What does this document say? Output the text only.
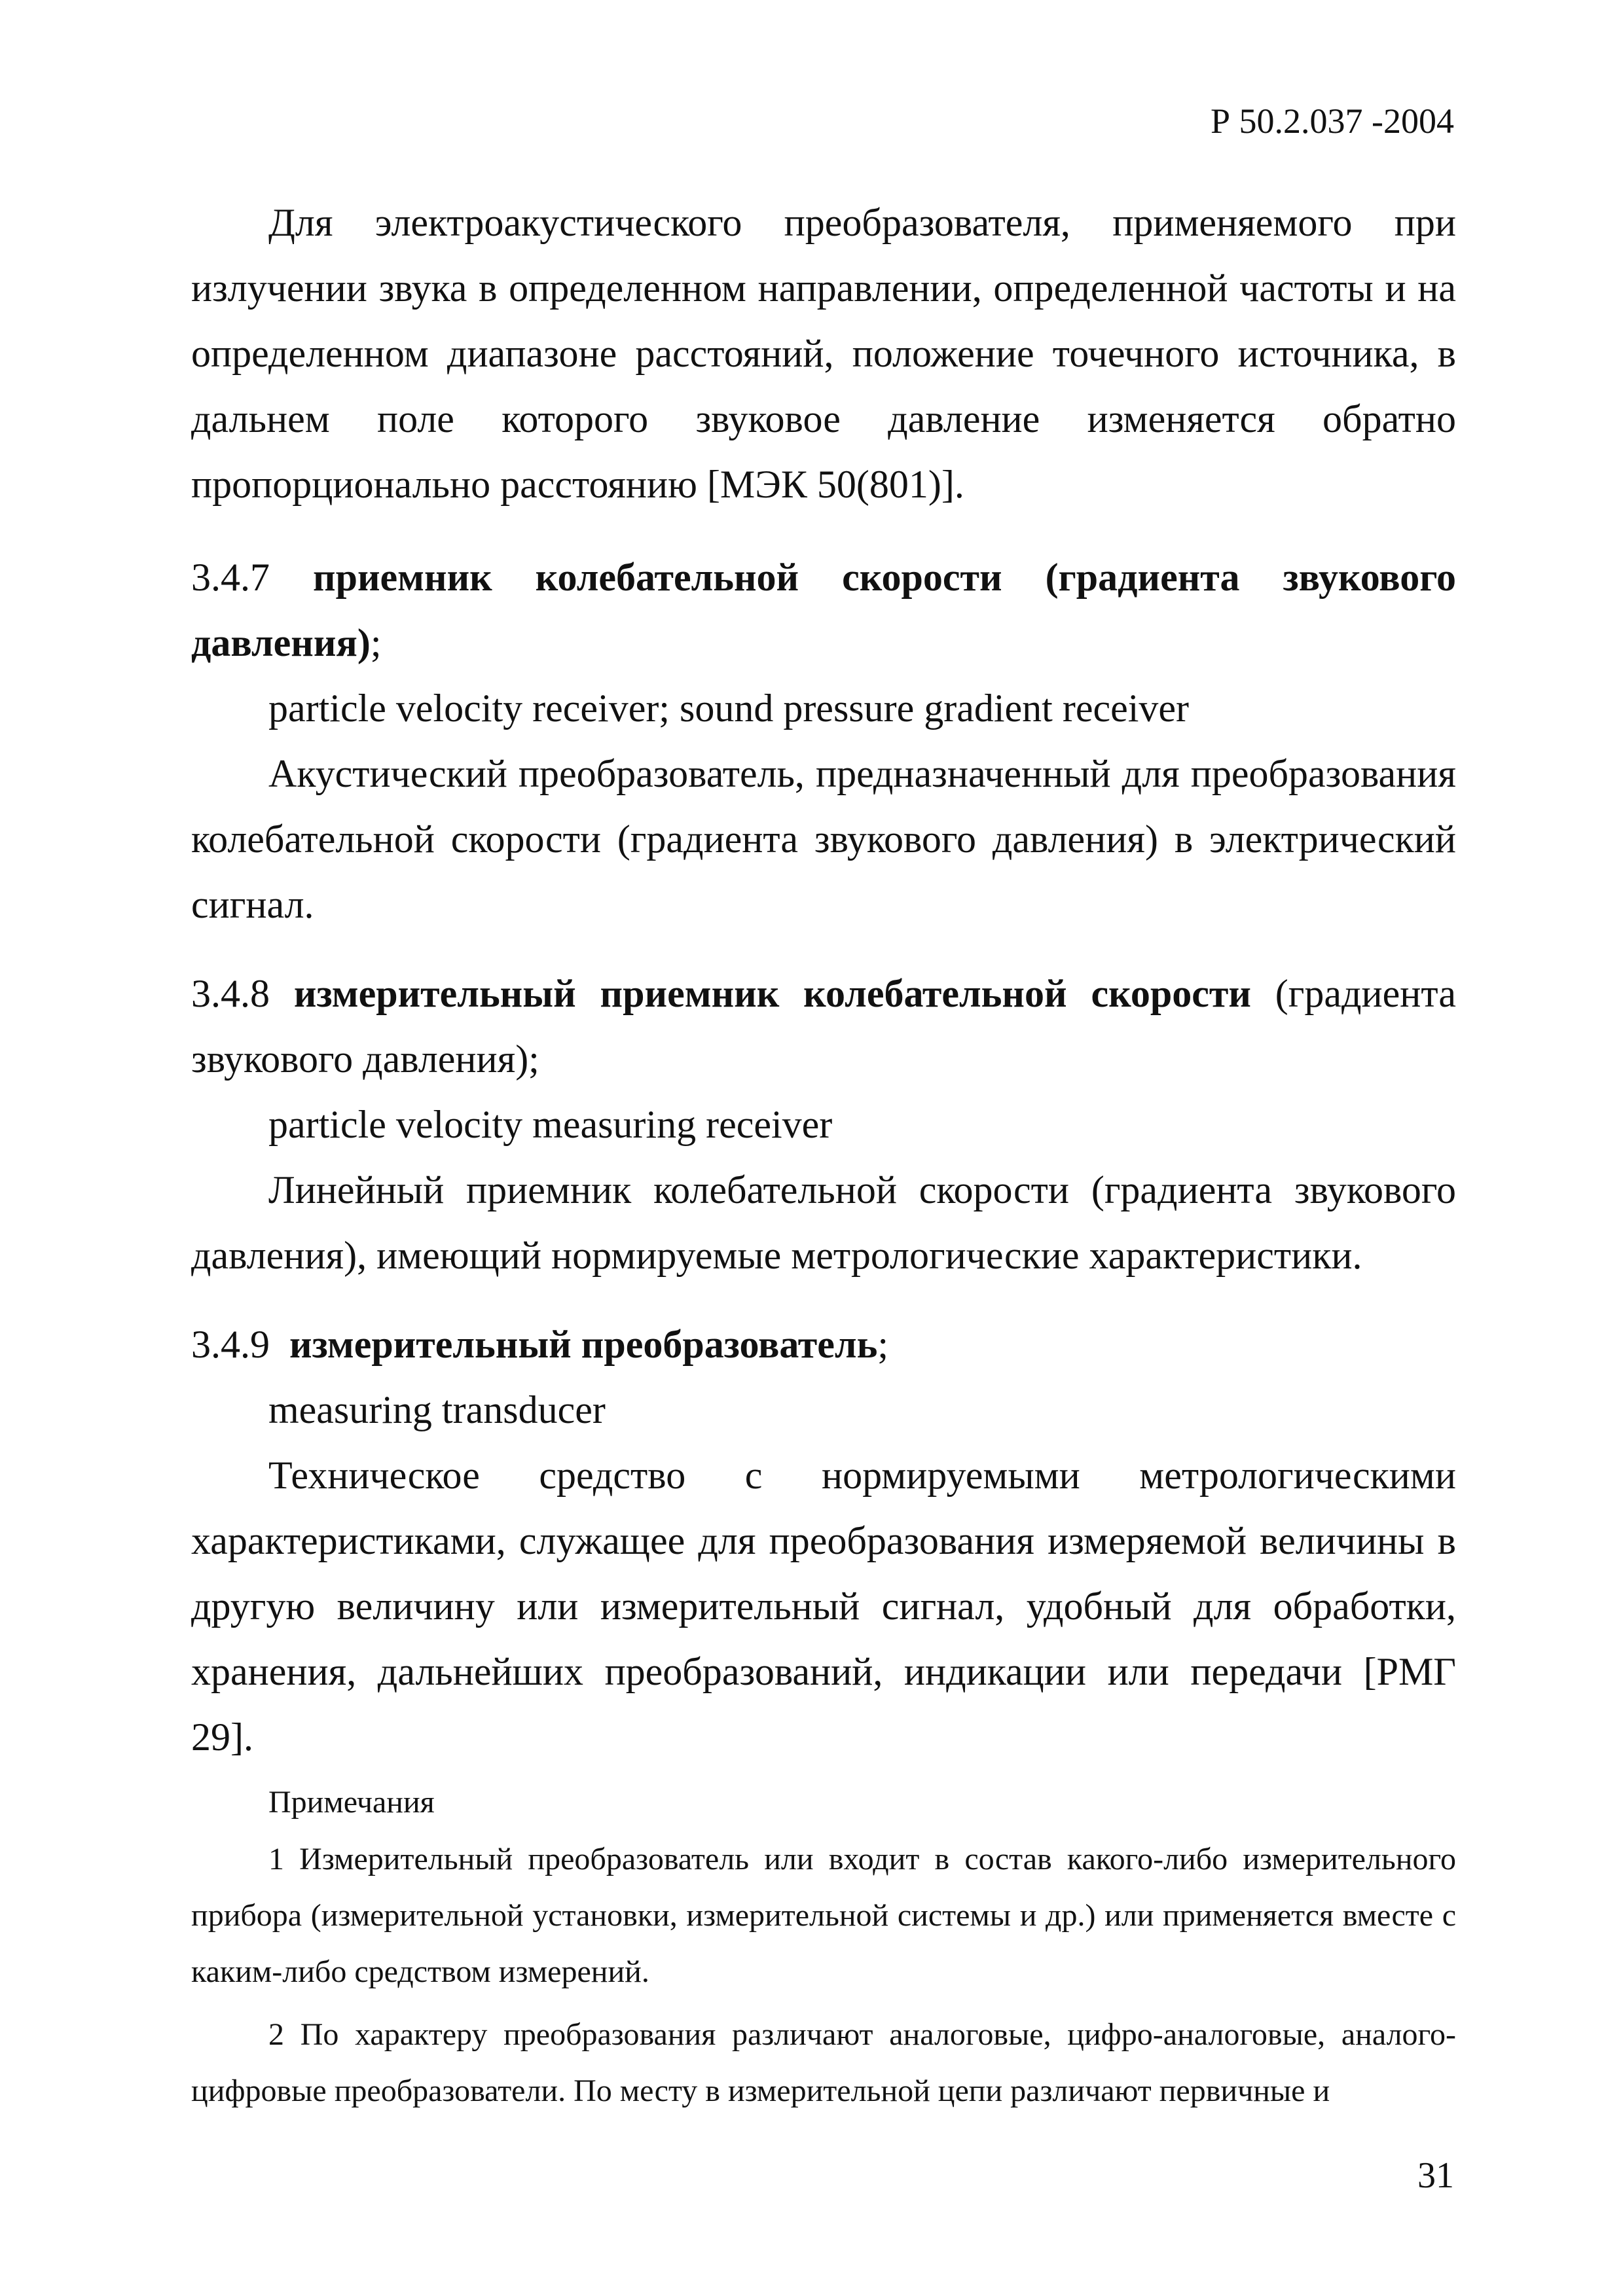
Р 50.2.037 -2004

Для электроакустического преобразователя, применяемого при излучении звука в определенном направлении, определенной частоты и на определенном диапазоне расстояний, положение точечного источника, в дальнем поле которого звуковое давление изменяется обратно пропорционально расстоянию [МЭК 50(801)].

3.4.7 приемник колебательной скорости (градиента звукового давления);

particle velocity receiver; sound pressure gradient receiver

Акустический преобразователь, предназначенный для преобразования колебательной скорости (градиента звукового давления) в электрический сигнал.

3.4.8 измерительный приемник колебательной скорости (градиента звукового давления);

particle velocity measuring receiver

Линейный приемник колебательной скорости (градиента звукового давления), имеющий нормируемые метрологические характеристики.

3.4.9 измерительный преобразователь;

measuring transducer

Техническое средство с нормируемыми метрологическими характеристиками, служащее для преобразования измеряемой величины в другую величину или измерительный сигнал, удобный для обработки, хранения, дальнейших преобразований, индикации или передачи [РМГ 29].

Примечания

1 Измерительный преобразователь или входит в состав какого-либо измерительного прибора (измерительной установки, измерительной системы и др.) или применяется вместе с каким-либо средством измерений.

2 По характеру преобразования различают аналоговые, цифро-аналоговые, аналого-цифровые преобразователи. По месту в измерительной цепи различают первичные и

31
